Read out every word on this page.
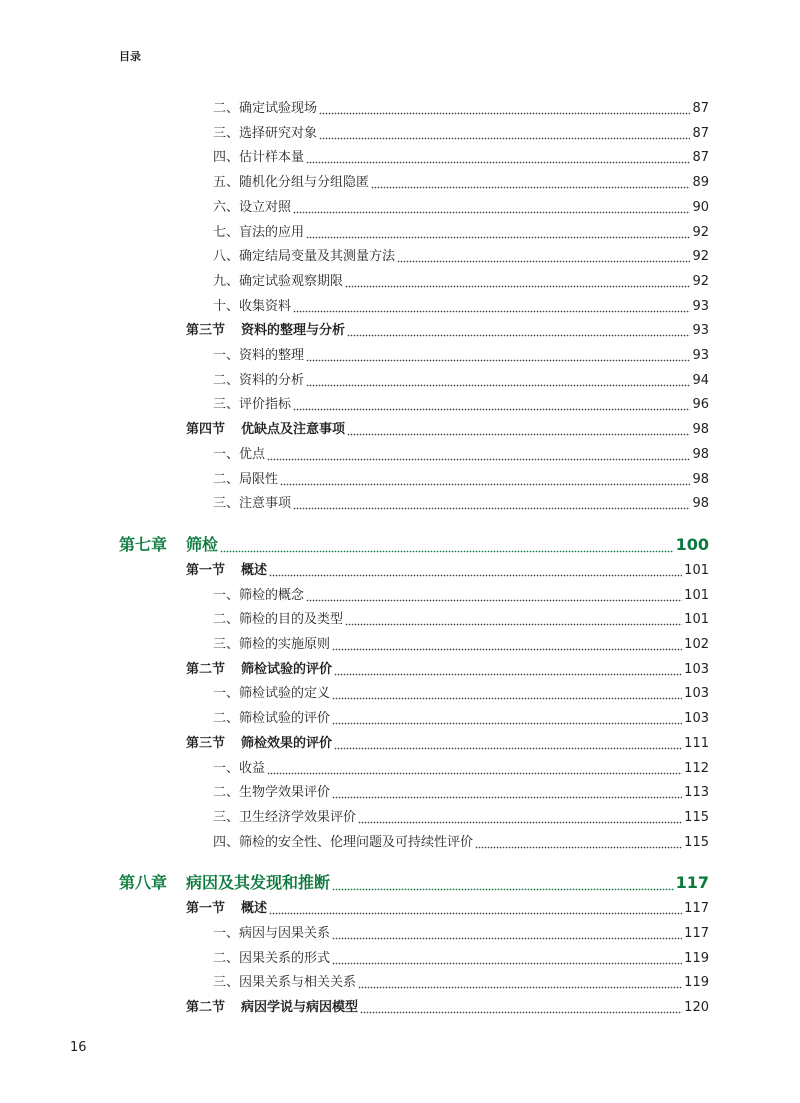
目录
二、确定试验现场	87
三、选择研究对象	87
四、估计样本量	87
五、随机化分组与分组隐匿	89
六、设立对照	90
七、盲法的应用	92
八、确定结局变量及其测量方法	92
九、确定试验观察期限	92
十、收集资料	93
第三节 资料的整理与分析	93
一、资料的整理	93
二、资料的分析	94
三、评价指标	96
第四节 优缺点及注意事项	98
一、优点	98
二、局限性	98
三、注意事项	98
第七章 筛检	100
第一节 概述	101
一、筛检的概念	101
二、筛检的目的及类型	101
三、筛检的实施原则	102
第二节 筛检试验的评价	103
一、筛检试验的定义	103
二、筛检试验的评价	103
第三节 筛检效果的评价	111
一、收益	112
二、生物学效果评价	113
三、卫生经济学效果评价	115
四、筛检的安全性、伦理问题及可持续性评价	115
第八章 病因及其发现和推断	117
第一节 概述	117
一、病因与因果关系	117
二、因果关系的形式	119
三、因果关系与相关关系	119
第二节 病因学说与病因模型	120
16
